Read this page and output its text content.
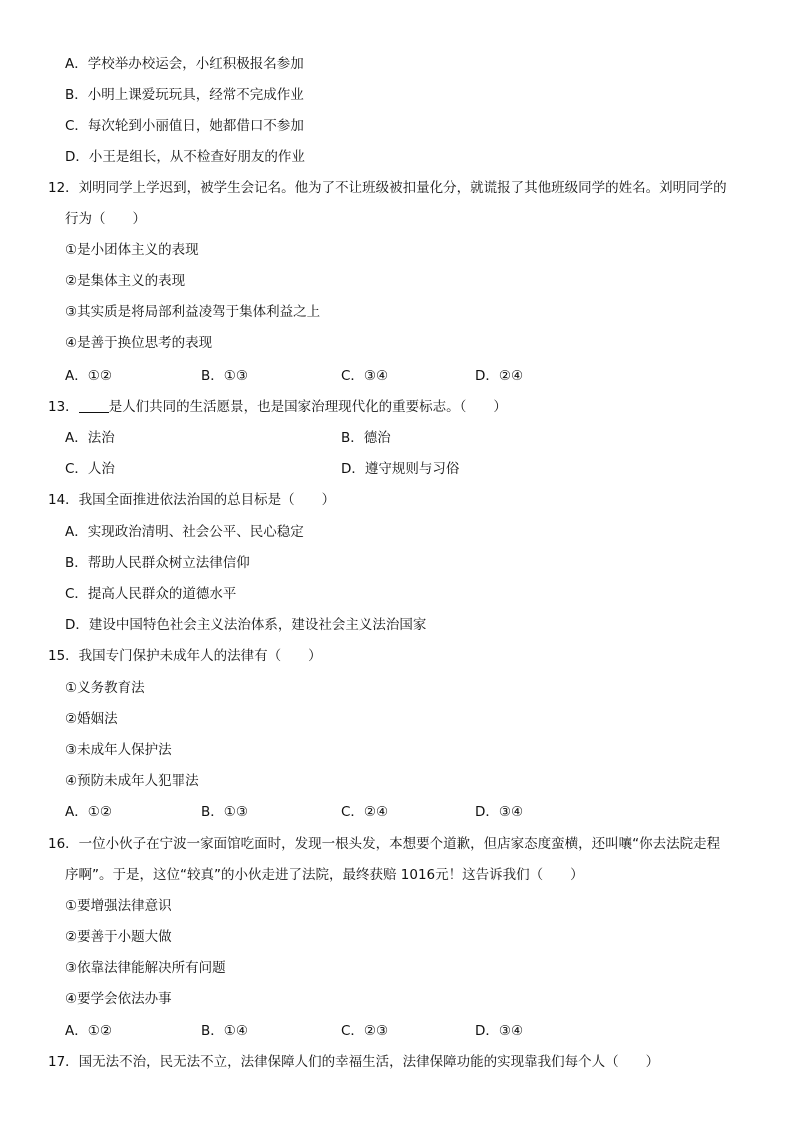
A．学校举办校运会，小红积极报名参加
B．小明上课爱玩玩具，经常不完成作业
C．每次轮到小丽值日，她都借口不参加
D．小王是组长，从不检查好朋友的作业
12．刘明同学上学迟到，被学生会记名。他为了不让班级被扣量化分，就谎报了其他班级同学的姓名。刘明同学的
行为（　　）
①是小团体主义的表现
②是集体主义的表现
③其实质是将局部利益凌驾于集体利益之上
④是善于换位思考的表现
A．①②	B．①③	C．③④	D．②④
13． 是人们共同的生活愿景，也是国家治理现代化的重要标志。（　　）
A．法治	B．德治
C．人治	D．遵守规则与习俗
14．我国全面推进依法治国的总目标是（　　）
A．实现政治清明、社会公平、民心稳定
B．帮助人民群众树立法律信仰
C．提高人民群众的道德水平
D．建设中国特色社会主义法治体系，建设社会主义法治国家
15．我国专门保护未成年人的法律有（　　）
①义务教育法
②婚姻法
③未成年人保护法
④预防未成年人犯罪法
A．①②	B．①③	C．②④	D．③④
16．一位小伙子在宁波一家面馆吃面时，发现一根头发，本想要个道歉，但店家态度蛮横，还叫嚷“你去法院走程
序啊”。于是，这位“较真”的小伙走进了法院，最终获赔 1016元！这告诉我们（　　）
①要增强法律意识
②要善于小题大做
③依靠法律能解决所有问题
④要学会依法办事
A．①②	B．①④	C．②③	D．③④
17．国无法不治，民无法不立，法律保障人们的幸福生活，法律保障功能的实现靠我们每个人（　　）
